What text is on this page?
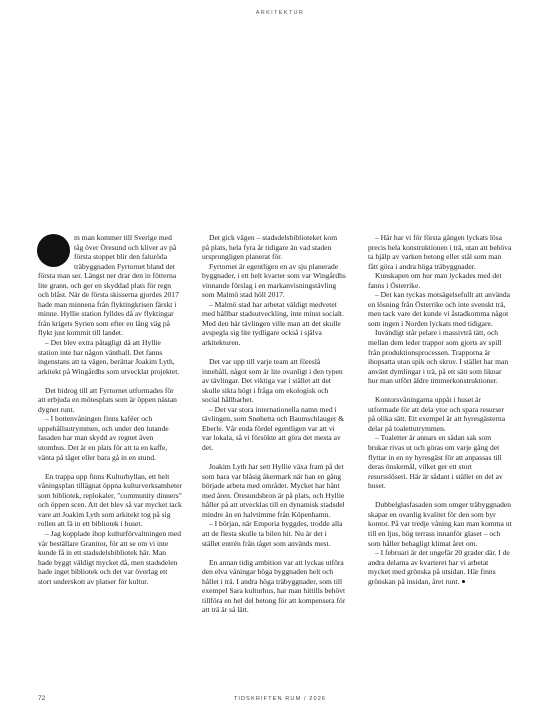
ARKITEKTUR

m man kommer till Sverige med tåg över Öresund och kliver av på första stoppet blir den faluröda träbyggnaden Fyrtornet bland det första man ser. Längst ner drar den in fötterna lite grann, och ger en skyddad plats för regn och blåst. När de första skisserna gjordes 2017 hade man minnena från flyktingkrisen färskt i minne. Hyllie station fylldes då av flyktingar från krigets Syrien som efter en lång väg på flykt just kommit till landet.

– Det blev extra påtagligt då att Hyllie station inte har någon vänthall. Det fanns ingenstans att ta vägen, berättar Joakim Lyth, arkitekt på Wingårdhs som utvecklat projektet.

Det bidrog till att Fyrtornet utformades för att erbjuda en mötesplats som är öppen nästan dygnet runt.

– I bottenvåningen finns kaféer och uppehållsutrymmen, och under den lutande fasaden har man skydd av regnet även utomhus. Det är en plats för att ta en kaffe, vänta på tåget eller bara gå in en stund.

En trappa upp finns Kulturhyllan, ett helt våningsplan tillägnat öppna kulturverksamheter som bibliotek, replokaler, "community dinners" och öppen scen. Att det blev så var mycket tack vare att Joakim Lyth som arkitekt tog på sig rollen att fä in ett bibliotek i huset.

– Jag kopplade ihop kulturförvaltningen med vår beställare Granitor, för att se om vi inte kunde få in ett stadsdelsbibliotek här. Man hade byggt väldigt mycket då, men stadsdelen hade inget bibliotek och det var överlag ett stort underskott av platser för kultur.

Det gick vägen – stadsdelsbiblioteket kom på plats, hela fyra år tidigare än vad staden ursprungligen planerat för.

Fyrtornet är egentligen en av sju planerade byggnader, i ett helt kvarter som var Wingårdhs vinnande förslag i en markanvisningstävling som Malmö stad höll 2017.

– Malmö stad har arbetat väldigt medvetet med hållbar stadsutveckling, inte minst socialt. Med den här tävlingen ville man att det skulle avspegla sig lite tydligare också i själva arkitekturen.

Det var upp till varje team att föreslå innehåll, något som är lite ovanligt i den typen av tävlingar. Det viktiga var i stället att det skulle sikta högt i fråga om ekologisk och social hållbarhet.

– Det var stora internationella namn med i tävlingen, som Snøhetta och Baumschlauger & Eberle. Vår enda fördel egentligen var att vi var lokala, så vi försökte att göra det mesta av det.

Joakim Lyth har sett Hyllie växa fram på det som bara var blåsig åkermark när han en gång började arbeta med området. Mycket har hänt med åren. Öresundsbron är på plats, och Hyllie håller på att utvecklas till en dynamisk stadsdel mindre än en halvtimme från Köpenhamn.

– I början, när Emporia byggdes, trodde alla att de flesta skulle ta bilen hit. Nu är det i stället entrén från tåget som används mest.

En annan tidig ambition var att lyckas utföra den elva våningar höga byggnaden helt och hållet i trä. I andra höga träbyggnader, som till exempel Sara kulturhus, har man hittills behövt tillföra en hel del betong för att kompensera för att trä är så lätt.

– Här har vi för första gången lyckats lösa precis hela konstruktionen i trä, utan att behöva ta hjälp av varken betong eller stål som man fått göra i andra höga träbyggnader.

Kunskapen om hur man lyckades med det fanns i Österrike.

– Det kan tyckas motsägelsefullt att använda en lösning från Österrike och inte svenskt trä, men tack vare det kunde vi åstadkomma något som ingen i Norden lyckats med tidigare.

Invändigt står pelare i massivträ tätt, och mellan dem leder trappor som gjorts av spill från produktionsprocessen. Trapporna är ihopsatta utan spik och skruv. I stället har man använt dymlingar i trä, på ett sätt som liknar hur man utfört äldre timmerkonstruktioner.

Kontorsvåningarna uppåt i huset är utformade för att dela ytor och spara resurser på olika sätt. Ett exempel är att hyresgästerna delar på toalettutrymmen.

– Toaletter är annars en sådan sak som brukar rivas ut och göras om varje gång det flyttar in en ny hyresgäst för att anpassas till deras önskemål, vilket ger ett stort resursslöseri. Här är sådant i stället en del av huset.

Dubbelglasfasaden som omger träbyggnaden skapar en ovanlig kvalitet för den som byr kontor. På var tredje våning kan man komma ut till en ljus, hög terrass innanför glaset – och som håller behagligt klimat året om.

– I februari är det ungefär 20 grader där. I de andra delarna av kvarteret har vi arbetat mycket med grönska på utsidan. Här finns grönskan på insidan, året runt.

72	TIDSKRIFTEN RUM / 2026
